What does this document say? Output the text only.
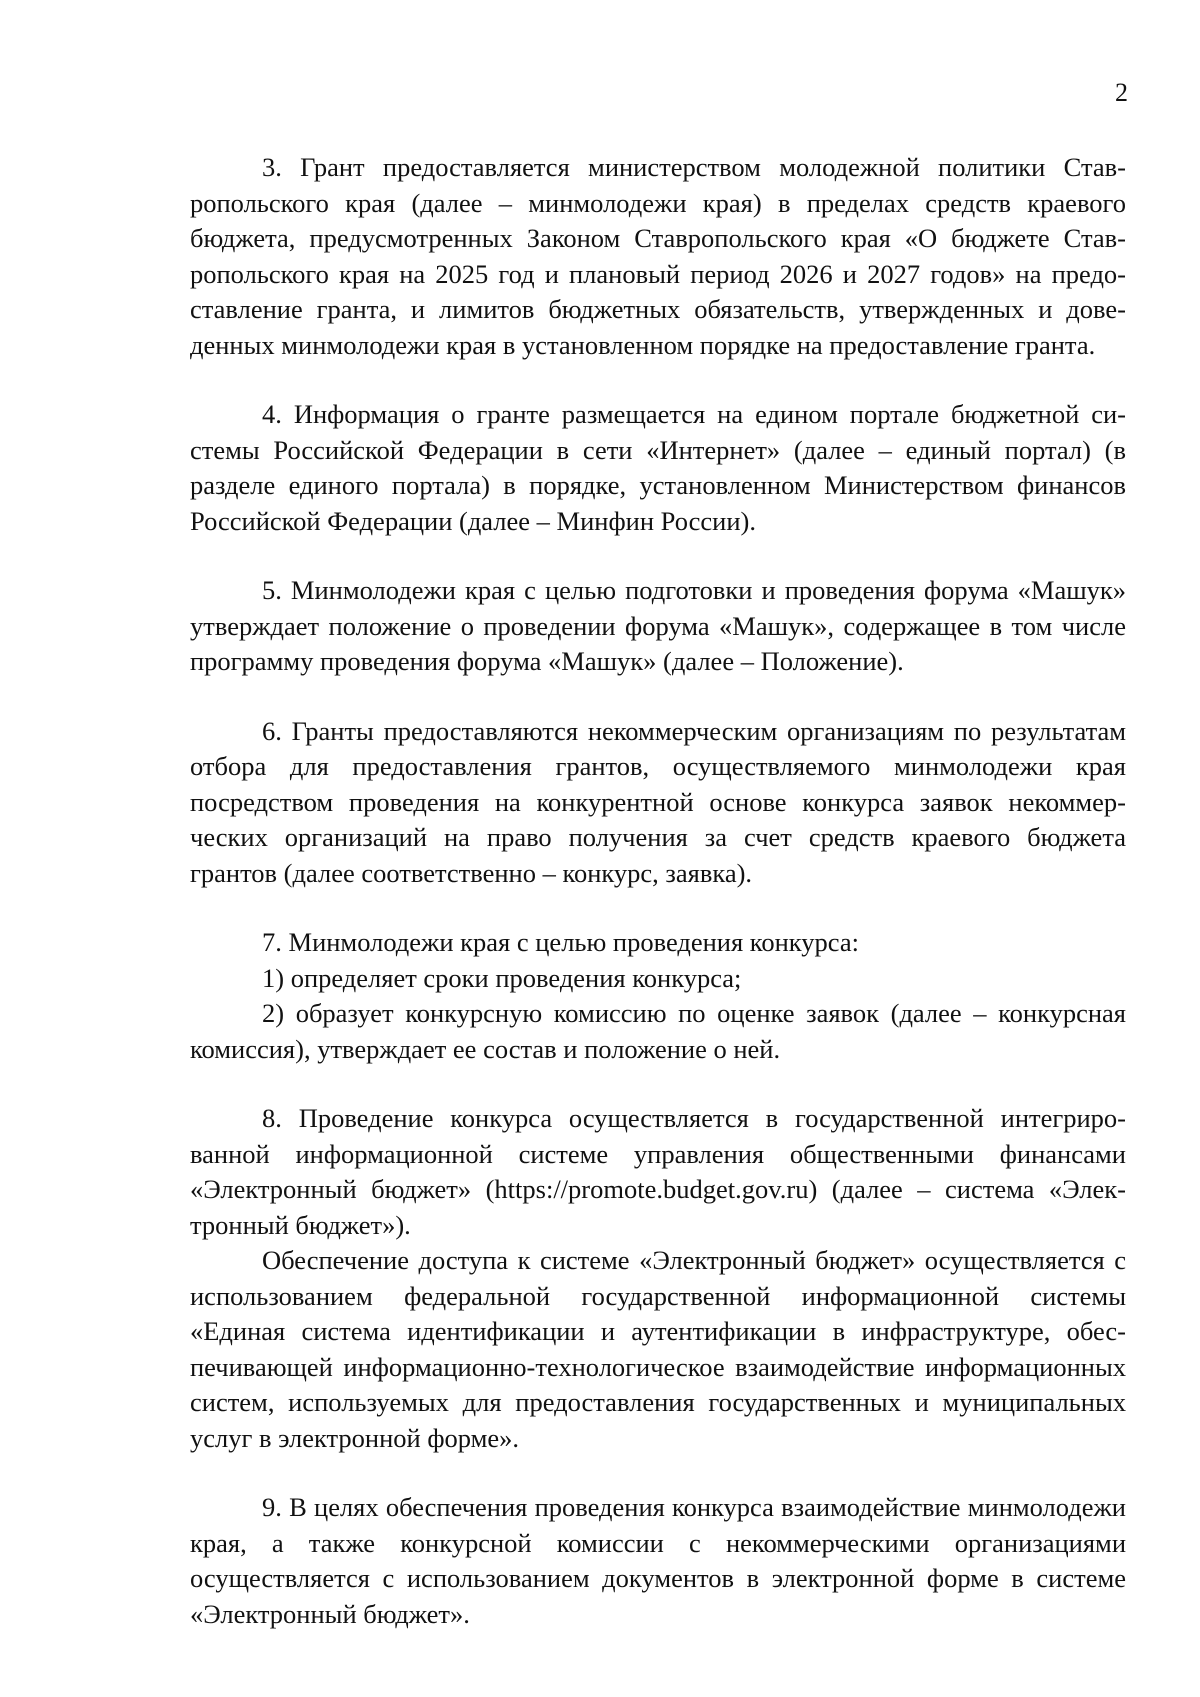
2

3. Грант предоставляется министерством молодежной политики Ставропольского края (далее – минмолодежи края) в пределах средств краевого бюджета, предусмотренных Законом Ставропольского края «О бюджете Ставропольского края на 2025 год и плановый период 2026 и 2027 годов» на предоставление гранта, и лимитов бюджетных обязательств, утвержденных и доведенных минмолодежи края в установленном порядке на предоставление гранта.

4. Информация о гранте размещается на едином портале бюджетной системы Российской Федерации в сети «Интернет» (далее – единый портал) (в разделе единого портала) в порядке, установленном Министерством финансов Российской Федерации (далее – Минфин России).

5. Минмолодежи края с целью подготовки и проведения форума «Машук» утверждает положение о проведении форума «Машук», содержащее в том числе программу проведения форума «Машук» (далее – Положение).

6. Гранты предоставляются некоммерческим организациям по результатам отбора для предоставления грантов, осуществляемого минмолодежи края посредством проведения на конкурентной основе конкурса заявок некоммерческих организаций на право получения за счет средств краевого бюджета грантов (далее соответственно – конкурс, заявка).

7. Минмолодежи края с целью проведения конкурса:

1) определяет сроки проведения конкурса;

2) образует конкурсную комиссию по оценке заявок (далее – конкурсная комиссия), утверждает ее состав и положение о ней.

8. Проведение конкурса осуществляется в государственной интегрированной информационной системе управления общественными финансами «Электронный бюджет» (https://promote.budget.gov.ru) (далее – система «Электронный бюджет»).

Обеспечение доступа к системе «Электронный бюджет» осуществляется с использованием федеральной государственной информационной системы «Единая система идентификации и аутентификации в инфраструктуре, обеспечивающей информационно-технологическое взаимодействие информационных систем, используемых для предоставления государственных и муниципальных услуг в электронной форме».

9. В целях обеспечения проведения конкурса взаимодействие минмолодежи края, а также конкурсной комиссии с некоммерческими организациями осуществляется с использованием документов в электронной форме в системе «Электронный бюджет».
